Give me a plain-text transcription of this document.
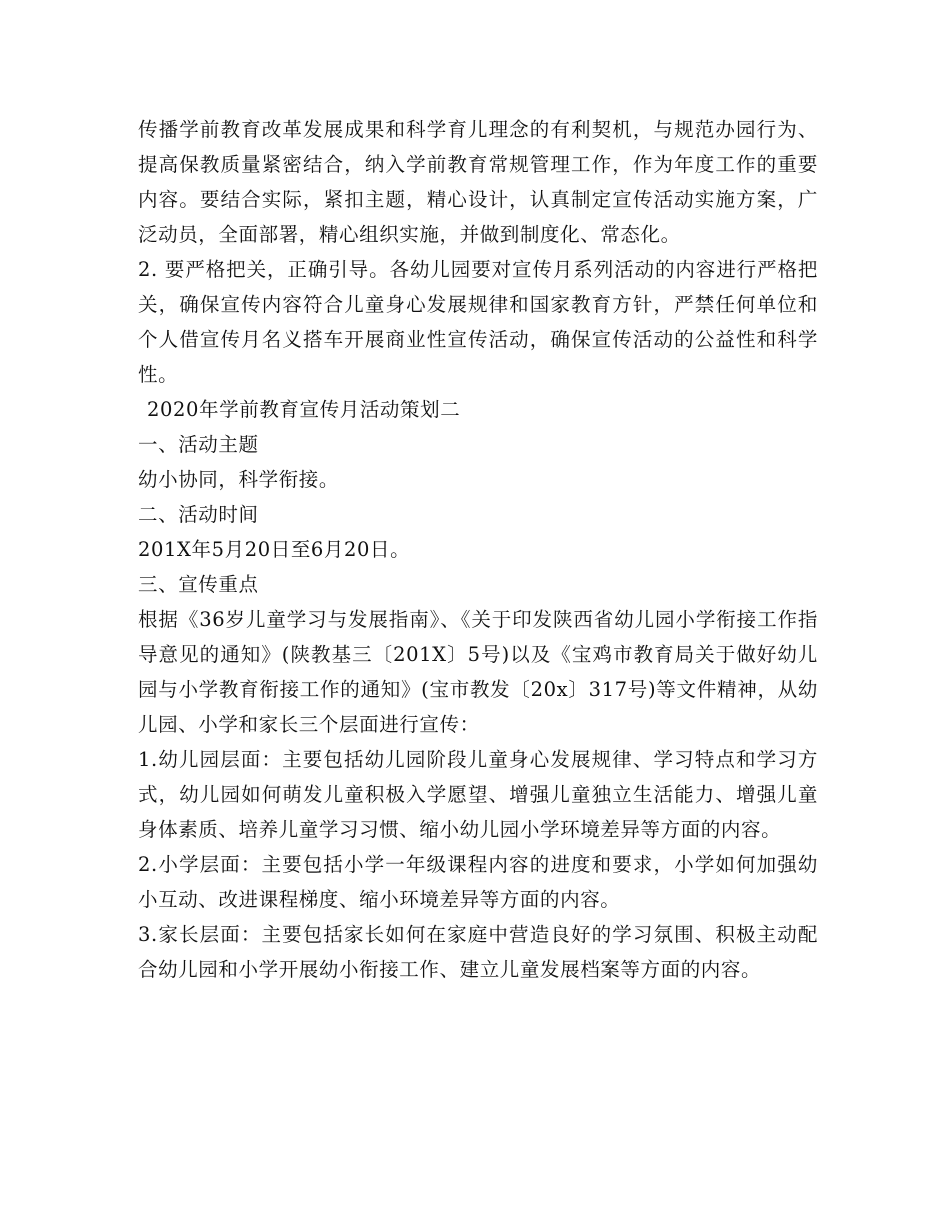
传播学前教育改革发展成果和科学育儿理念的有利契机，与规范办园行为、提高保教质量紧密结合，纳入学前教育常规管理工作，作为年度工作的重要内容。要结合实际，紧扣主题，精心设计，认真制定宣传活动实施方案，广泛动员，全面部署，精心组织实施，并做到制度化、常态化。

2. 要严格把关，正确引导。各幼儿园要对宣传月系列活动的内容进行严格把关，确保宣传内容符合儿童身心发展规律和国家教育方针，严禁任何单位和个人借宣传月名义搭车开展商业性宣传活动，确保宣传活动的公益性和科学性。

2020年学前教育宣传月活动策划二

一、活动主题

幼小协同，科学衔接。

二、活动时间

201X年5月20日至6月20日。

三、宣传重点

根据《36岁儿童学习与发展指南》、《关于印发陕西省幼儿园小学衔接工作指导意见的通知》(陕教基三〔201X〕5号)以及《宝鸡市教育局关于做好幼儿园与小学教育衔接工作的通知》(宝市教发〔20x〕317号)等文件精神，从幼儿园、小学和家长三个层面进行宣传：

1.幼儿园层面：主要包括幼儿园阶段儿童身心发展规律、学习特点和学习方式，幼儿园如何萌发儿童积极入学愿望、增强儿童独立生活能力、增强儿童身体素质、培养儿童学习习惯、缩小幼儿园小学环境差异等方面的内容。

2.小学层面：主要包括小学一年级课程内容的进度和要求，小学如何加强幼小互动、改进课程梯度、缩小环境差异等方面的内容。

3.家长层面：主要包括家长如何在家庭中营造良好的学习氛围、积极主动配合幼儿园和小学开展幼小衔接工作、建立儿童发展档案等方面的内容。
